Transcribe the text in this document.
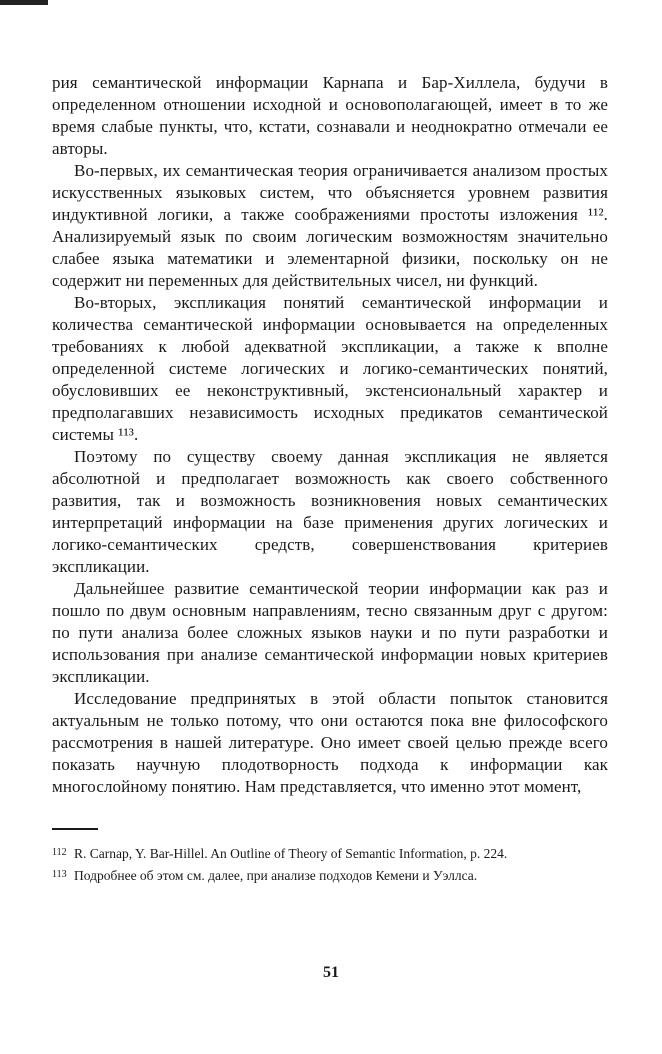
рия семантической информации Карнапа и Бар-Хиллела, будучи в определенном отношении исходной и основополагающей, имеет в то же время слабые пункты, что, кстати, сознавали и неоднократно отмечали ее авторы.

Во-первых, их семантическая теория ограничивается анализом простых искусственных языковых систем, что объясняется уровнем развития индуктивной логики, а также соображениями простоты изложения ¹¹². Анализируемый язык по своим логическим возможностям значительно слабее языка математики и элементарной физики, поскольку он не содержит ни переменных для действительных чисел, ни функций.

Во-вторых, экспликация понятий семантической информации и количества семантической информации основывается на определенных требованиях к любой адекватной экспликации, а также к вполне определенной системе логических и логико-семантических понятий, обусловивших ее неконструктивный, экстенсиональный характер и предполагавших независимость исходных предикатов семантической системы ¹¹³.

Поэтому по существу своему данная экспликация не является абсолютной и предполагает возможность как своего собственного развития, так и возможность возникновения новых семантических интерпретаций информации на базе применения других логических и логико-семантических средств, совершенствования критериев экспликации.

Дальнейшее развитие семантической теории информации как раз и пошло по двум основным направлениям, тесно связанным друг с другом: по пути анализа более сложных языков науки и по пути разработки и использования при анализе семантической информации новых критериев экспликации.

Исследование предпринятых в этой области попыток становится актуальным не только потому, что они остаются пока вне философского рассмотрения в нашей литературе. Оно имеет своей целью прежде всего показать научную плодотворность подхода к информации как многослойному понятию. Нам представляется, что именно этот момент,

112 R. Carnap, Y. Bar-Hillel. An Outline of Theory of Semantic Information, p. 224.

113 Подробнее об этом см. далее, при анализе подходов Кемени и Уэллса.

51
